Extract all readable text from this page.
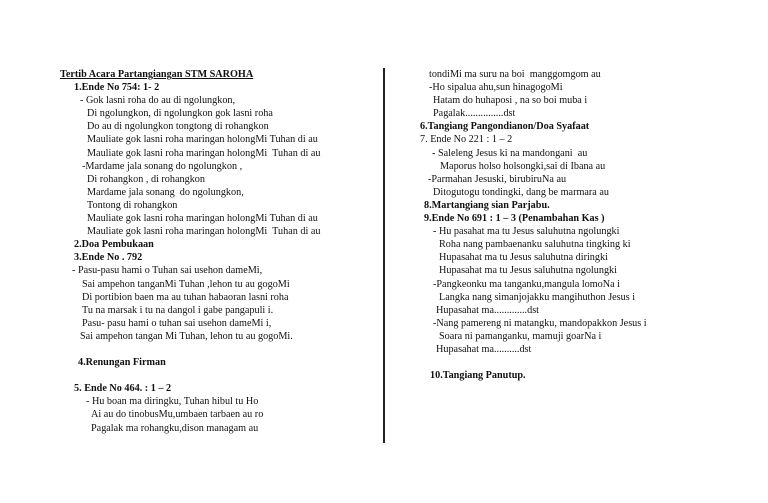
Tertib Acara Partangiangan STM SAROHA
1.Ende No 754: 1- 2
- Gok lasni roha do au di ngolungkon,
Di ngolungkon, di ngolungkon gok lasni roha
Do au di ngolungkon tongtong di rohangkon
Mauliate gok lasni roha maringan holongMi Tuhan di au
Mauliate gok lasni roha maringan holongMi  Tuhan di au
-Mardame jala sonang do ngolungkon ,
Di rohangkon , di rohangkon
Mardame jala sonang  do ngolungkon,
Tontong di rohangkon
Mauliate gok lasni roha maringan holongMi Tuhan di au
Mauliate gok lasni roha maringan holongMi  Tuhan di au
2.Doa Pembukaan
3.Ende No . 792
- Pasu-pasu hami o Tuhan sai usehon dameMi,
Sai ampehon tanganMi Tuhan ,lehon tu au gogoMi
Di portibion baen ma au tuhan habaoran lasni roha
Tu na marsak i tu na dangol i gabe pangapuli i.
Pasu- pasu hami o tuhan sai usehon dameMi i,
Sai ampehon tangan Mi Tuhan, lehon tu au gogoMi.
4.Renungan Firman
5. Ende No 464. : 1 – 2
- Hu boan ma diringku, Tuhan hibul tu Ho
Ai au do tinobusMu,umbaen tarbaen au ro
Pagalak ma rohangku,dison managam au
tondiMi ma suru na boi  manggomgom au
-Ho sipalua ahu,sun hinagogoMi
Hatam do huhaposi , na so boi muba i
Pagalak...............dst
6.Tangiang Pangondianon/Doa Syafaat
7. Ende No 221 : 1 – 2
- Saleleng Jesus ki na mandongani  au
Maporus holso holsongki,sai di Ibana au
-Parmahan Jesuski, birubiruNa au
Ditogutogu tondingki, dang be marmara au
8.Martangiang sian Parjabu.
9.Ende No 691 : 1 – 3 (Penambahan Kas )
- Hu pasahat ma tu Jesus saluhutna ngolungki
Roha nang pambaenanku saluhutna tingking ki
Hupasahat ma tu Jesus saluhutna diringki
Hupasahat ma tu Jesus saluhutna ngolungki
-Pangkeonku ma tanganku,mangula lomoNa i
Langka nang simanjojakku mangihuthon Jesus i
Hupasahat ma.............dst
-Nang pamereng ni matangku, mandopakkon Jesus i
Soara ni pamanganku, mamuji goarNa i
Hupasahat ma..........dst
10.Tangiang Panutup.
